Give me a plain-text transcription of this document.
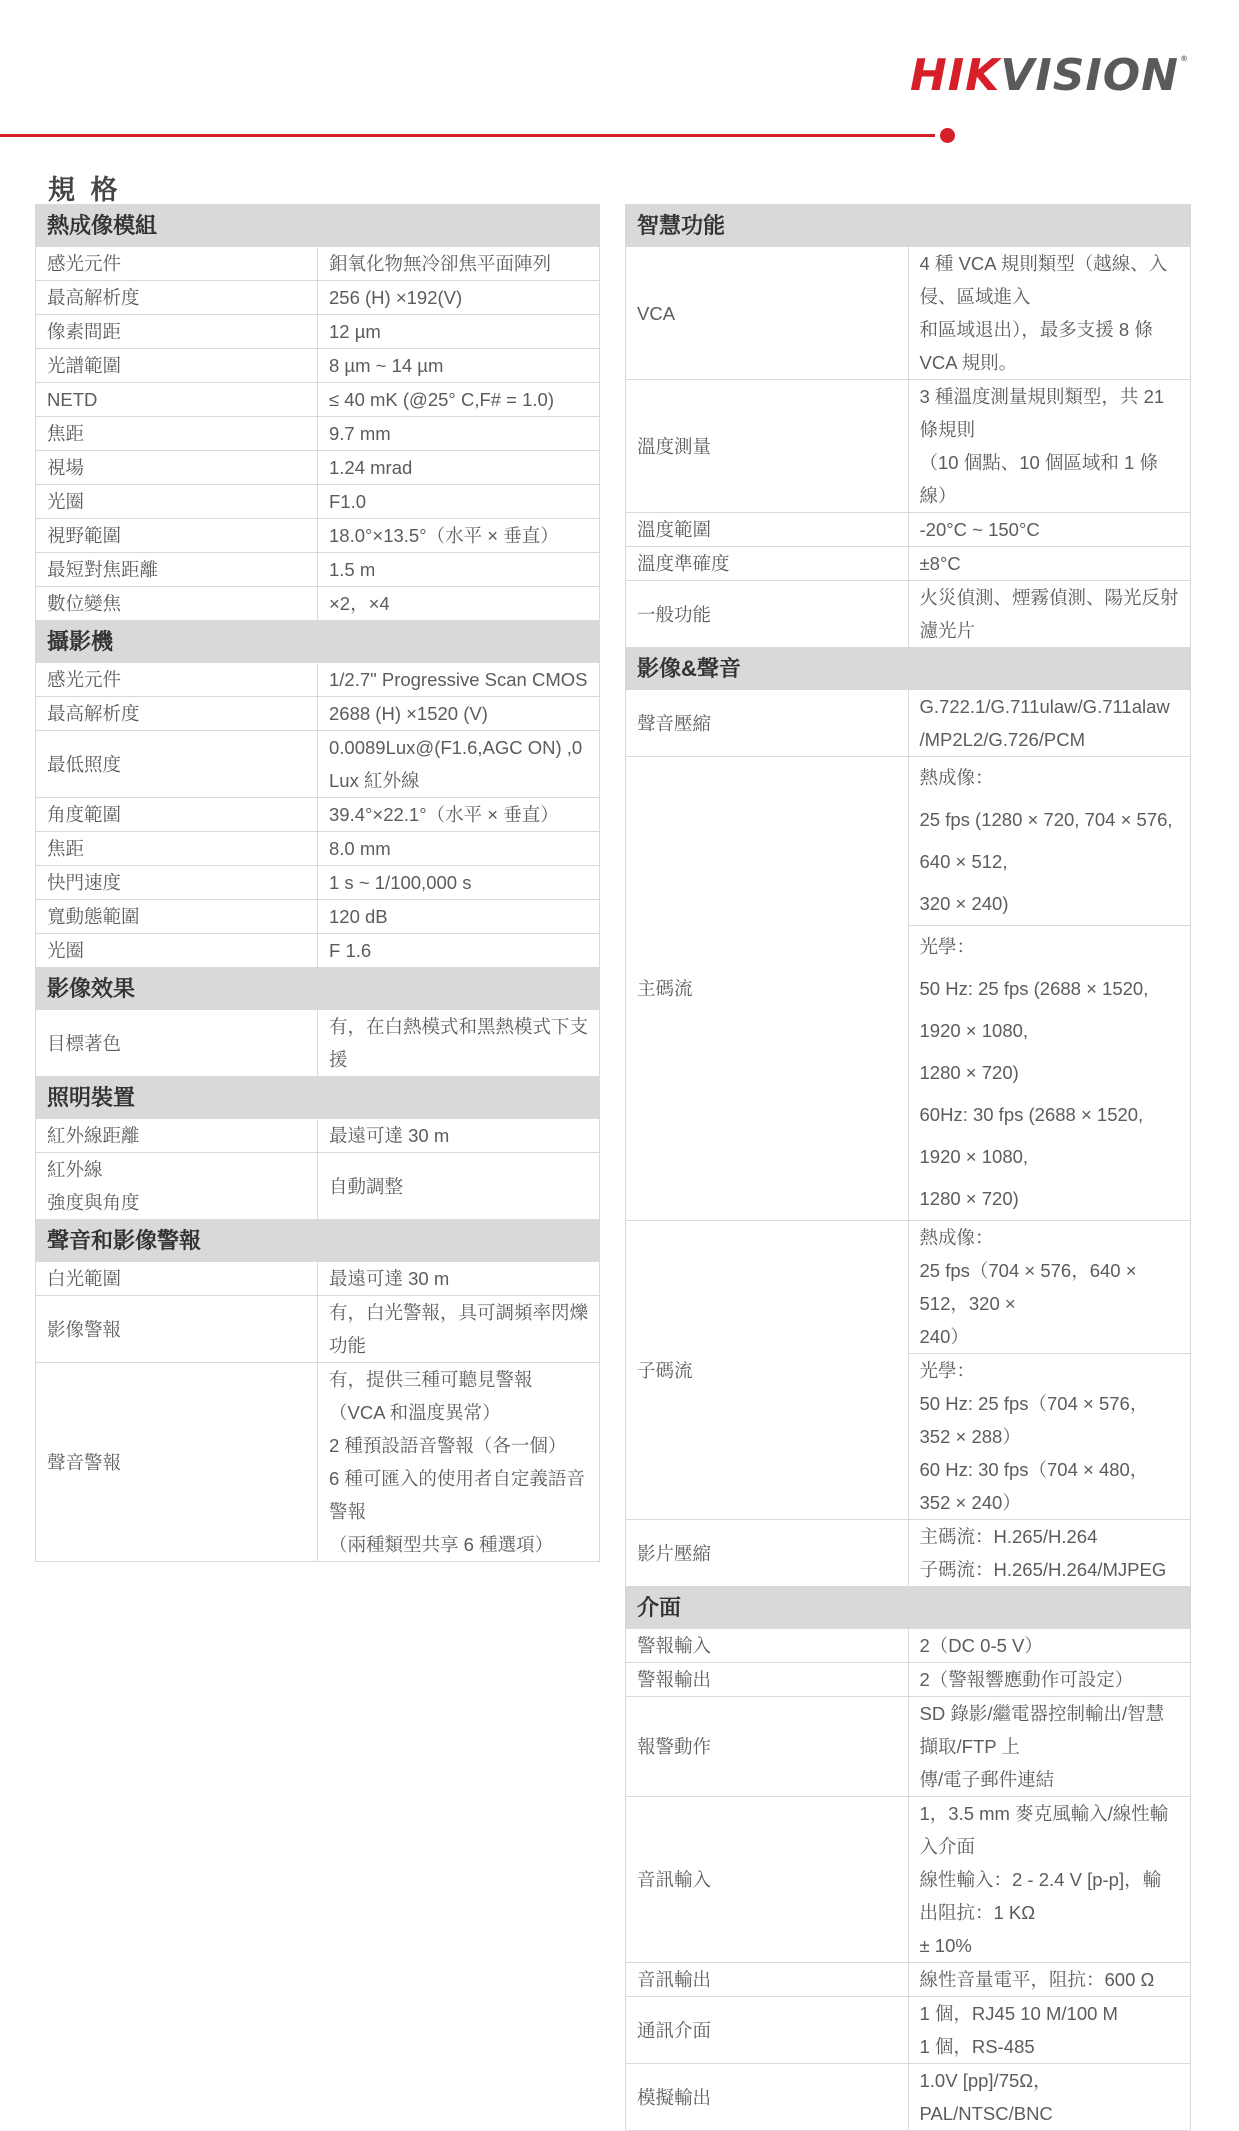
HIKVISION®
規 格
熱成像模組	

感光元件	鉬氧化物無冷卻焦平面陣列

最高解析度	256 (H) ×192(V)

像素間距	12 µm

光譜範圍	8 µm ~ 14 µm

NETD	≤ 40 mK (@25° C,F# = 1.0)

焦距	9.7 mm

視場	1.24 mrad

光圈	F1.0

視野範圍	18.0°×13.5°（水平 × 垂直）

最短對焦距離	1.5 m

數位變焦	×2，×4

攝影機	

感光元件	1/2.7" Progressive Scan CMOS

最高解析度	2688 (H) ×1520 (V)

最低照度	0.0089Lux@(F1.6,AGC ON) ,0 Lux 紅外線

角度範圍	39.4°×22.1°（水平 × 垂直）

焦距	8.0 mm

快門速度	1 s ~ 1/100,000 s

寬動態範圍	120 dB

光圈	F 1.6

影像效果	

目標著色	有，在白熱模式和黑熱模式下支援

照明裝置	

紅外線距離	最遠可達 30 m

紅外線
強度與角度	自動調整

聲音和影像警報	

白光範圍	最遠可達 30 m

影像警報	有，白光警報，具可調頻率閃爍功能

聲音警報	有，提供三種可聽見警報（VCA 和溫度異常）
2 種預設語音警報（各一個）
6 種可匯入的使用者自定義語音警報
（兩種類型共享 6 種選項）
智慧功能	
VCA	4 種 VCA 規則類型（越線、入侵、區域進入
和區域退出），最多支援 8 條 VCA 規則。

溫度測量	3 種溫度測量規則類型，共 21 條規則
（10 個點、10 個區域和 1 條線）

溫度範圍	-20°C ~ 150°C

溫度準確度	±8°C

一般功能	火災偵測、煙霧偵測、陽光反射濾光片

影像&聲音	
聲音壓縮	G.722.1/G.711ulaw/G.711alaw
/MP2L2/G.726/PCM

主碼流	熱成像：
25 fps (1280 × 720, 704 × 576, 640 × 512,
320 × 240)

	光學：
50 Hz: 25 fps (2688 × 1520, 1920 × 1080,
1280 × 720)
60Hz: 30 fps (2688 × 1520, 1920 × 1080,
1280 × 720)

子碼流	熱成像：
25 fps（704 × 576，640 × 512，320 ×
240）

	光學：
50 Hz: 25 fps（704 × 576，352 × 288）
60 Hz: 30 fps（704 × 480，352 × 240）

影片壓縮	主碼流：H.265/H.264
子碼流：H.265/H.264/MJPEG

介面	
警報輸入	2（DC 0-5 V）

警報輸出	2（警報響應動作可設定）

報警動作	SD 錄影/繼電器控制輸出/智慧擷取/FTP 上
傳/電子郵件連結

音訊輸入	1，3.5 mm 麥克風輸入/線性輸入介面
線性輸入：2 - 2.4 V [p-p]，輸出阻抗：1 KΩ
± 10%

音訊輸出	線性音量電平，阻抗：600 Ω

通訊介面	1 個，RJ45 10 M/100 M
1 個，RS-485

模擬輸出	1.0V [pp]/75Ω，PAL/NTSC/BNC
